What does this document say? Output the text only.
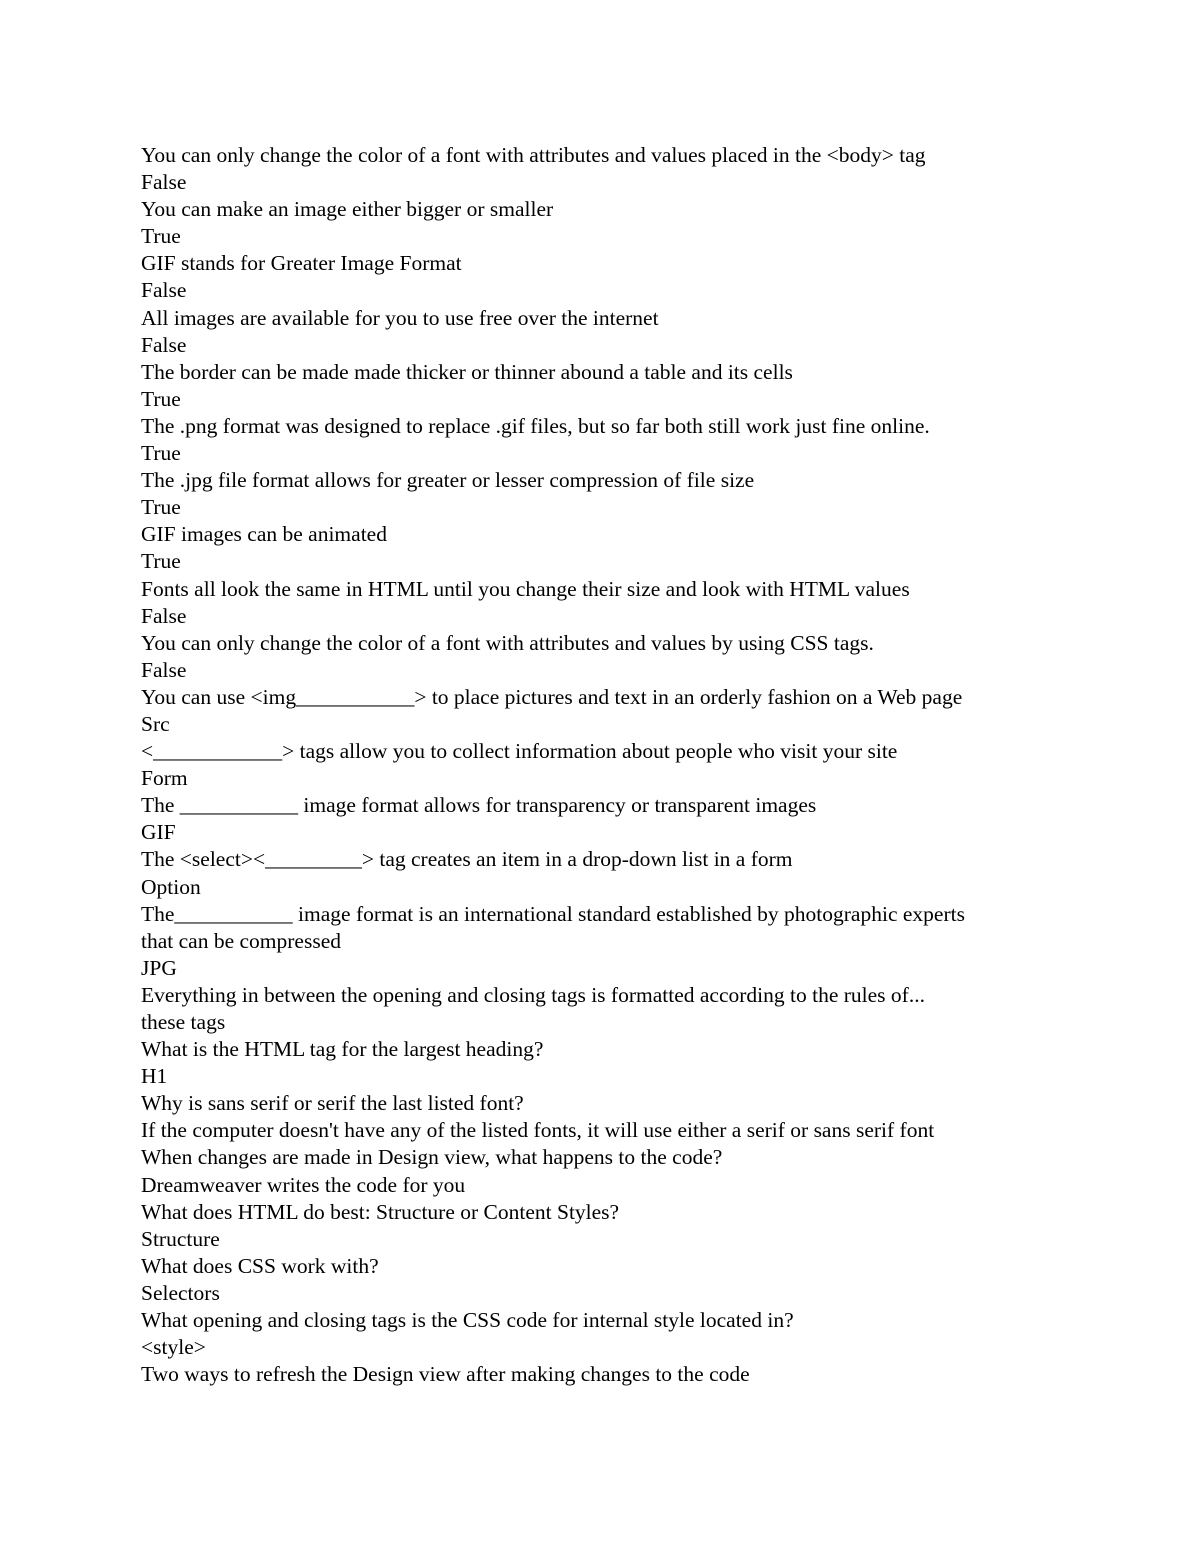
You can only change the color of a font with attributes and values placed in the <body> tag

False

You can make an image either bigger or smaller

True

GIF stands for Greater Image Format

False

All images are available for you to use free over the internet

False

The border can be made made thicker or thinner abound a table and its cells

True

The .png format was designed to replace .gif files, but so far both still work just fine online.

True

The .jpg file format allows for greater or lesser compression of file size

True

GIF images can be animated

True

Fonts all look the same in HTML until you change their size and look with HTML values

False

You can only change the color of a font with attributes and values by using CSS tags.

False

You can use <img___________> to place pictures and text in an orderly fashion on a Web page

Src

<____________> tags allow you to collect information about people who visit your site

Form

The ___________ image format allows for transparency or transparent images

GIF

The <select><_________> tag creates an item in a drop-down list in a form

Option

The___________ image format is an international standard established by photographic experts

that can be compressed

JPG

Everything in between the opening and closing tags is formatted according to the rules of...

these tags

What is the HTML tag for the largest heading?

H1

Why is sans serif or serif the last listed font?

If the computer doesn't have any of the listed fonts, it will use either a serif or sans serif font

When changes are made in Design view, what happens to the code?

Dreamweaver writes the code for you

What does HTML do best: Structure or Content Styles?

Structure

What does CSS work with?

Selectors

What opening and closing tags is the CSS code for internal style located in?

<style>

Two ways to refresh the Design view after making changes to the code
